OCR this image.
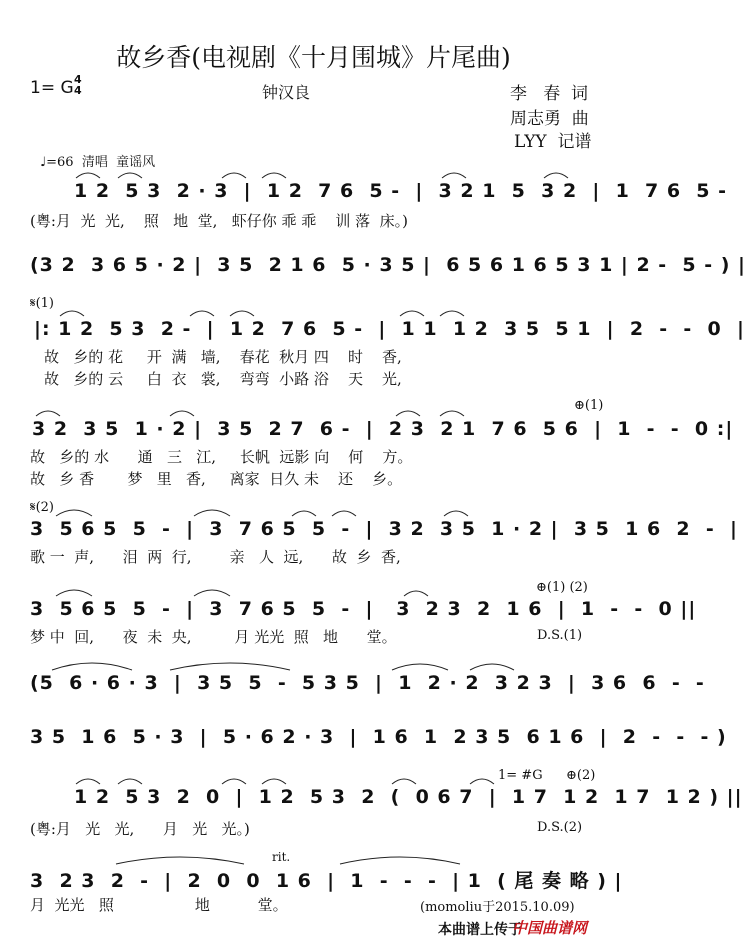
故乡香(电视剧《十月围城》片尾曲)
1= G 4
4	钟汉良	李   春  词
周志勇  曲
LYY  记谱
♩=66  清唱  童谣风
1 2  5 3  2 · 3  |  1 2  7 6  5 -  |  3 2 1  5  3 2  |  1  7 6  5 -
(粤:月  光  光,    照   地  堂,   虾仔你 乖 乖    训 落  床。)
(3 2  3 6 5 · 2 |  3 5  2 1 6  5 · 3 5 |  6 5 6 1 6 5 3 1 | 2 -  5 - ) |
𝄋(1)
|: 1 2  5 3  2 -  |  1 2  7 6  5 -  |  1 1  1 2  3 5  5 1  |  2  -  -  0  |
故   乡的 花     开  满   墙,    春花  秋月 四    时    香,
故   乡的 云     白  衣   裳,    弯弯  小路 浴    天    光,
⊕(1)
3 2  3 5  1 · 2 |  3 5  2 7  6 -  |  2 3  2 1  7 6  5 6  |  1  -  -  0 :|
故   乡的 水      通   三   江,     长帆  远影 向    何    方。
故   乡 香       梦   里   香,     离家  日久 未    还    乡。
𝄋(2)
3  5 6 5  5  -  |  3  7 6 5  5  -  |  3 2  3 5  1 · 2 |  3 5  1 6  2  -  |
歌 一  声,      泪  两  行,        亲   人  远,      故  乡  香,
⊕(1) (2)
3  5 6 5  5  -  |  3  7 6 5  5  -  |   3  2 3  2  1 6  |  1  -  -  0 ||
梦 中  回,      夜  未  央,         月 光光  照   地      堂。	D.S.(1)
(5  6 · 6 · 3  |  3 5  5  -  5 3 5  |  1  2 · 2  3 2 3  |  3 6  6  -  -
3 5  1 6  5 · 3  |  5 · 6 2 · 3  |  1 6  1  2 3 5  6 1 6  |  2  -  -  - )
1= #G ⊕(2)
1 2  5 3  2  0  |  1 2  5 3  2  (  0 6 7  |  1 7  1 2  1 7  1 2 ) ||
(粤:月   光   光,      月   光   光。)	D.S.(2)
rit.
3  2 3  2  -  |  2  0  0  1 6  |  1  -  -  -  | 1  ( 尾 奏 略 ) |
月  光光   照                 地          堂。	(momoliu于2015.10.09)
本曲谱上传于
中国曲谱网
